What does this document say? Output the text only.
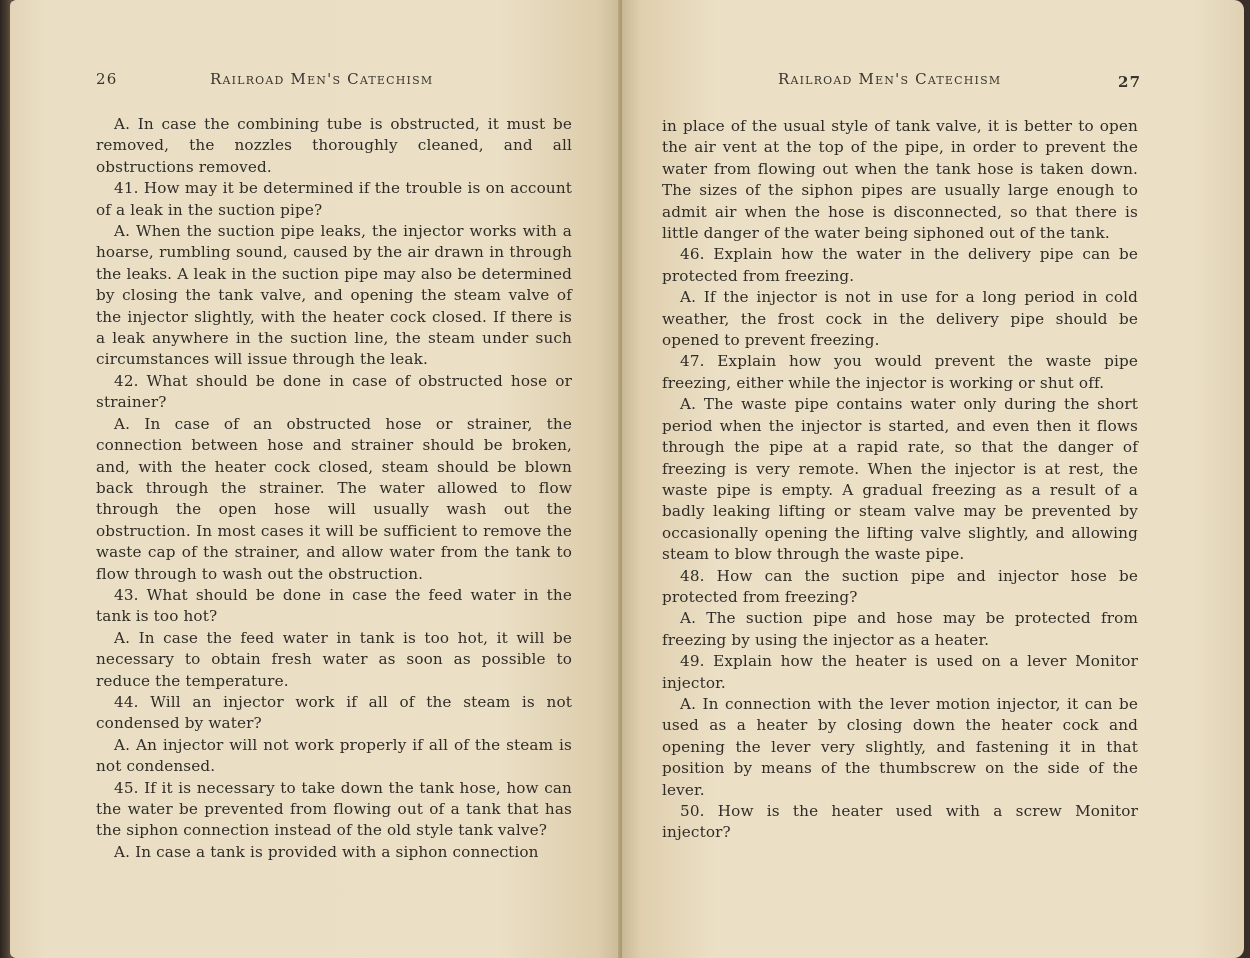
26	Railroad Men's Catechism

A. In case the combining tube is obstructed, it must be removed, the nozzles thoroughly cleaned, and all obstructions removed.

41. How may it be determined if the trouble is on account of a leak in the suction pipe?

A. When the suction pipe leaks, the injector works with a hoarse, rumbling sound, caused by the air drawn in through the leaks. A leak in the suction pipe may also be determined by closing the tank valve, and opening the steam valve of the injector slightly, with the heater cock closed. If there is a leak anywhere in the suction line, the steam under such circumstances will issue through the leak.

42. What should be done in case of obstructed hose or strainer?

A. In case of an obstructed hose or strainer, the connection between hose and strainer should be broken, and, with the heater cock closed, steam should be blown back through the strainer. The water allowed to flow through the open hose will usually wash out the obstruction. In most cases it will be sufficient to remove the waste cap of the strainer, and allow water from the tank to flow through to wash out the obstruction.

43. What should be done in case the feed water in the tank is too hot?

A. In case the feed water in tank is too hot, it will be necessary to obtain fresh water as soon as possible to reduce the temperature.

44. Will an injector work if all of the steam is not condensed by water?

A. An injector will not work properly if all of the steam is not condensed.

45. If it is necessary to take down the tank hose, how can the water be prevented from flowing out of a tank that has the siphon connection instead of the old style tank valve?

A. In case a tank is provided with a siphon connection

Railroad Men's Catechism	27

in place of the usual style of tank valve, it is better to open the air vent at the top of the pipe, in order to prevent the water from flowing out when the tank hose is taken down. The sizes of the siphon pipes are usually large enough to admit air when the hose is disconnected, so that there is little danger of the water being siphoned out of the tank.

46. Explain how the water in the delivery pipe can be protected from freezing.

A. If the injector is not in use for a long period in cold weather, the frost cock in the delivery pipe should be opened to prevent freezing.

47. Explain how you would prevent the waste pipe freezing, either while the injector is working or shut off.

A. The waste pipe contains water only during the short period when the injector is started, and even then it flows through the pipe at a rapid rate, so that the danger of freezing is very remote. When the injector is at rest, the waste pipe is empty. A gradual freezing as a result of a badly leaking lifting or steam valve may be prevented by occasionally opening the lifting valve slightly, and allowing steam to blow through the waste pipe.

48. How can the suction pipe and injector hose be protected from freezing?

A. The suction pipe and hose may be protected from freezing by using the injector as a heater.

49. Explain how the heater is used on a lever Monitor injector.

A. In connection with the lever motion injector, it can be used as a heater by closing down the heater cock and opening the lever very slightly, and fastening it in that position by means of the thumbscrew on the side of the lever.

50. How is the heater used with a screw Monitor injector?
